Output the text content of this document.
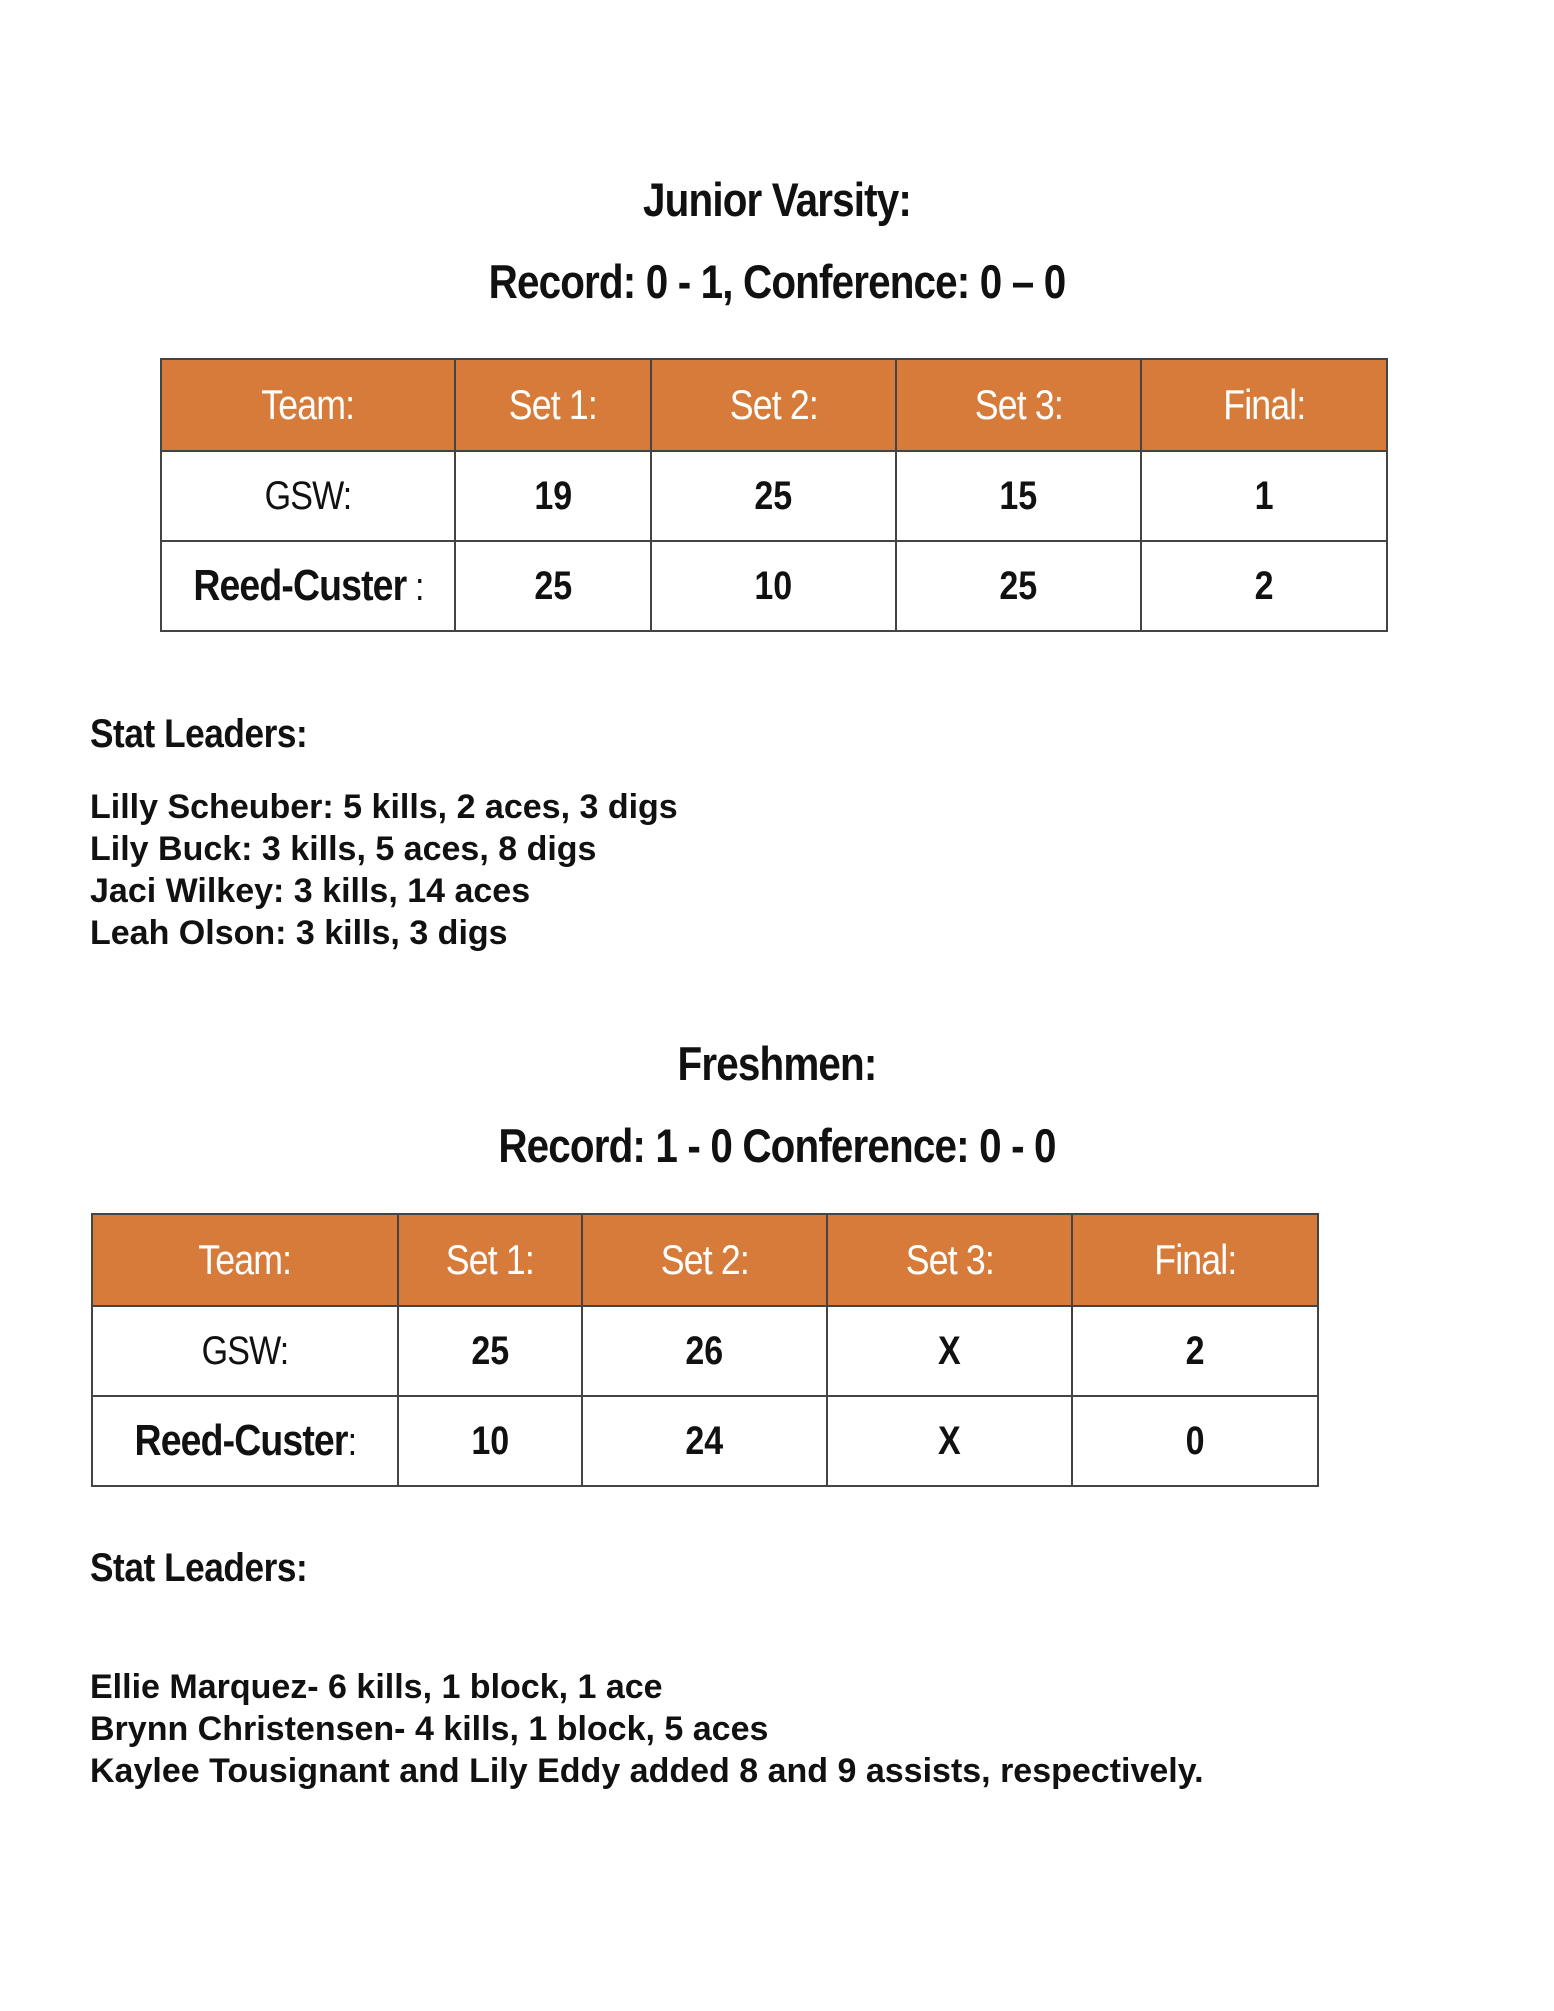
Junior Varsity:
Record: 0 - 1, Conference: 0 – 0
Team:	Set 1:	Set 2:	Set 3:	Final:
GSW:	19	25	15	1
Reed-Custer :	25	10	25	2
Stat Leaders:
Lilly Scheuber: 5 kills, 2 aces, 3 digs
Lily Buck: 3 kills, 5 aces, 8 digs
Jaci Wilkey: 3 kills, 14 aces
Leah Olson: 3 kills, 3 digs
Freshmen:
Record: 1 - 0 Conference: 0 - 0
Team:	Set 1:	Set 2:	Set 3:	Final:
GSW:	25	26	X	2
Reed-Custer:	10	24	X	0
Stat Leaders:
Ellie Marquez- 6 kills, 1 block, 1 ace
Brynn Christensen- 4 kills, 1 block, 5 aces
Kaylee Tousignant and Lily Eddy added 8 and 9 assists, respectively.
